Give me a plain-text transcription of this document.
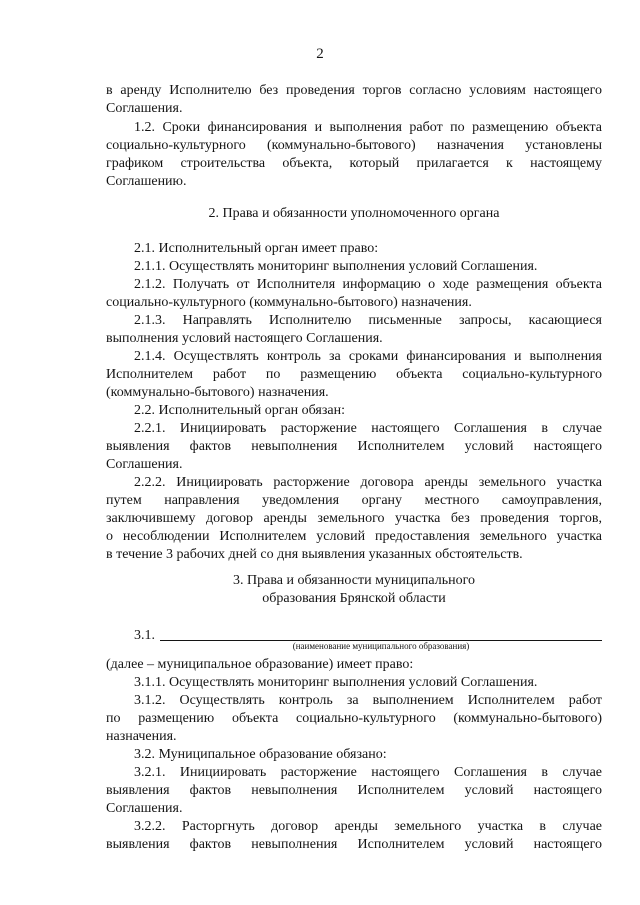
2
в аренду Исполнителю без проведения торгов согласно условиям настоящего
Соглашения.
1.2. Сроки финансирования и выполнения работ по размещению объекта
социально-культурного (коммунально-бытового) назначения установлены
графиком строительства объекта, который прилагается к настоящему
Соглашению.
2.1. Исполнительный орган имеет право:
2.1.1. Осуществлять мониторинг выполнения условий Соглашения.
2.1.2. Получать от Исполнителя информацию о ходе размещения объекта
социально-культурного (коммунально-бытового) назначения.
2.1.3. Направлять Исполнителю письменные запросы, касающиеся
выполнения условий настоящего Соглашения.
2.1.4. Осуществлять контроль за сроками финансирования и выполнения
Исполнителем работ по размещению объекта социально-культурного
(коммунально-бытового) назначения.
2.2. Исполнительный орган обязан:
2.2.1. Инициировать расторжение настоящего Соглашения в случае
выявления фактов невыполнения Исполнителем условий настоящего
Соглашения.
2.2.2. Инициировать расторжение договора аренды земельного участка
путем направления уведомления органу местного самоуправления,
заключившему договор аренды земельного участка без проведения торгов,
о несоблюдении Исполнителем условий предоставления земельного участка
в течение 3 рабочих дней со дня выявления указанных обстоятельств.
(далее – муниципальное образование) имеет право:
3.1.1. Осуществлять мониторинг выполнения условий Соглашения.
3.1.2. Осуществлять контроль за выполнением Исполнителем работ
по размещению объекта социально-культурного (коммунально-бытового)
назначения.
3.2. Муниципальное образование обязано:
3.2.1. Инициировать расторжение настоящего Соглашения в случае
выявления фактов невыполнения Исполнителем условий настоящего
Соглашения.
3.2.2. Расторгнуть договор аренды земельного участка в случае
выявления фактов невыполнения Исполнителем условий настоящего
2. Права и обязанности уполномоченного органа
3. Права и обязанности муниципального
образования Брянской области
3.1.
(наименование муниципального образования)
